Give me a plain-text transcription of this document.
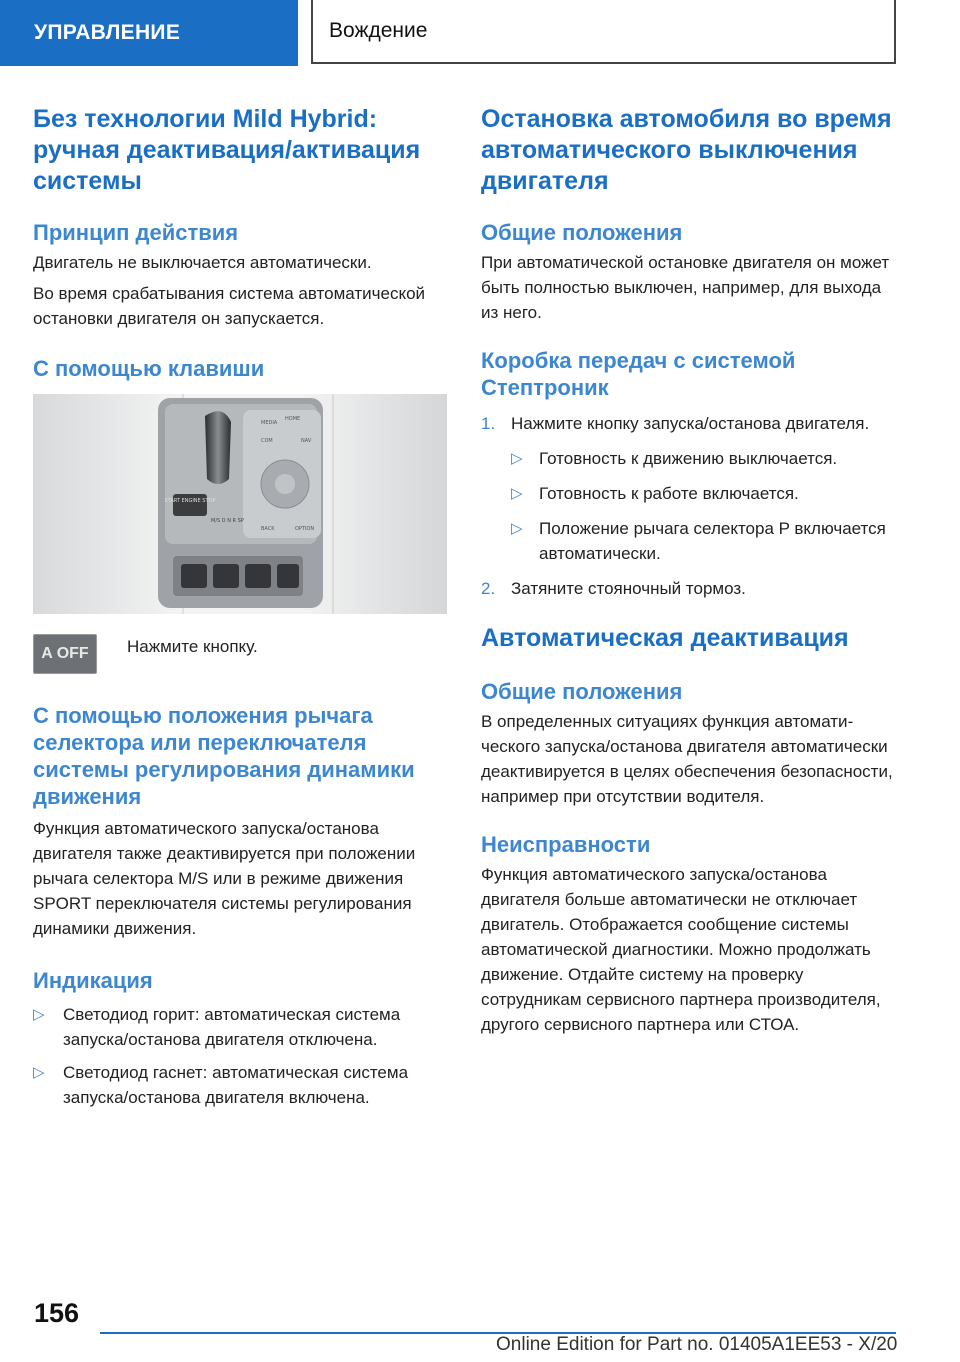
УПРАВЛЕНИЕ	Вождение
Без технологии Mild Hybrid: ручная деактивация/активация системы
Принцип действия

Двигатель не выключается автоматически.

Во время срабатывания система автоматической остановки двигателя он запускается.

С помощью клавиши
START ENGINE STOP
MEDIA
HOME
COM	NAV
BACK	OPTION
M/S D N R SP
A OFF	Нажмите кнопку.

С помощью положения рычага селектора или переключателя системы регулирования динамики движения

Функция автоматического запуска/останова двигателя также деактивируется при положении рычага селектора M/S или в режиме движения SPORT переключателя системы регулирования динамики движения.

Индикация
▷ Светодиод горит: автоматическая система запуска/останова двигателя отключена.
▷ Светодиод гаснет: автоматическая система запуска/останова двигателя включена.
Остановка автомобиля во время автоматического выключения двигателя
Общие положения

При автоматической остановке двигателя он может быть полностью выключен, например, для выхода из него.

Коробка передач с системой Стептроник
1. Нажмите кнопку запуска/останова двигателя.
▷ Готовность к движению выключается.
▷ Готовность к работе включается.
▷ Положение рычага селектора P включается автоматически.
2. Затяните стояночный тормоз.
Автоматическая деактивация
Общие положения

В определенных ситуациях функция автоматического запуска/останова двигателя автоматически деактивируется в целях обеспечения безопасности, например при отсутствии водителя.

Неисправности

Функция автоматического запуска/останова двигателя больше автоматически не отключает двигатель. Отображается сообщение системы автоматической диагностики. Можно продолжать движение. Отдайте систему на проверку сотрудникам сервисного партнера производителя, другого сервисного партнера или СТОА.

156
Online Edition for Part no. 01405A1EE53 - X/20
